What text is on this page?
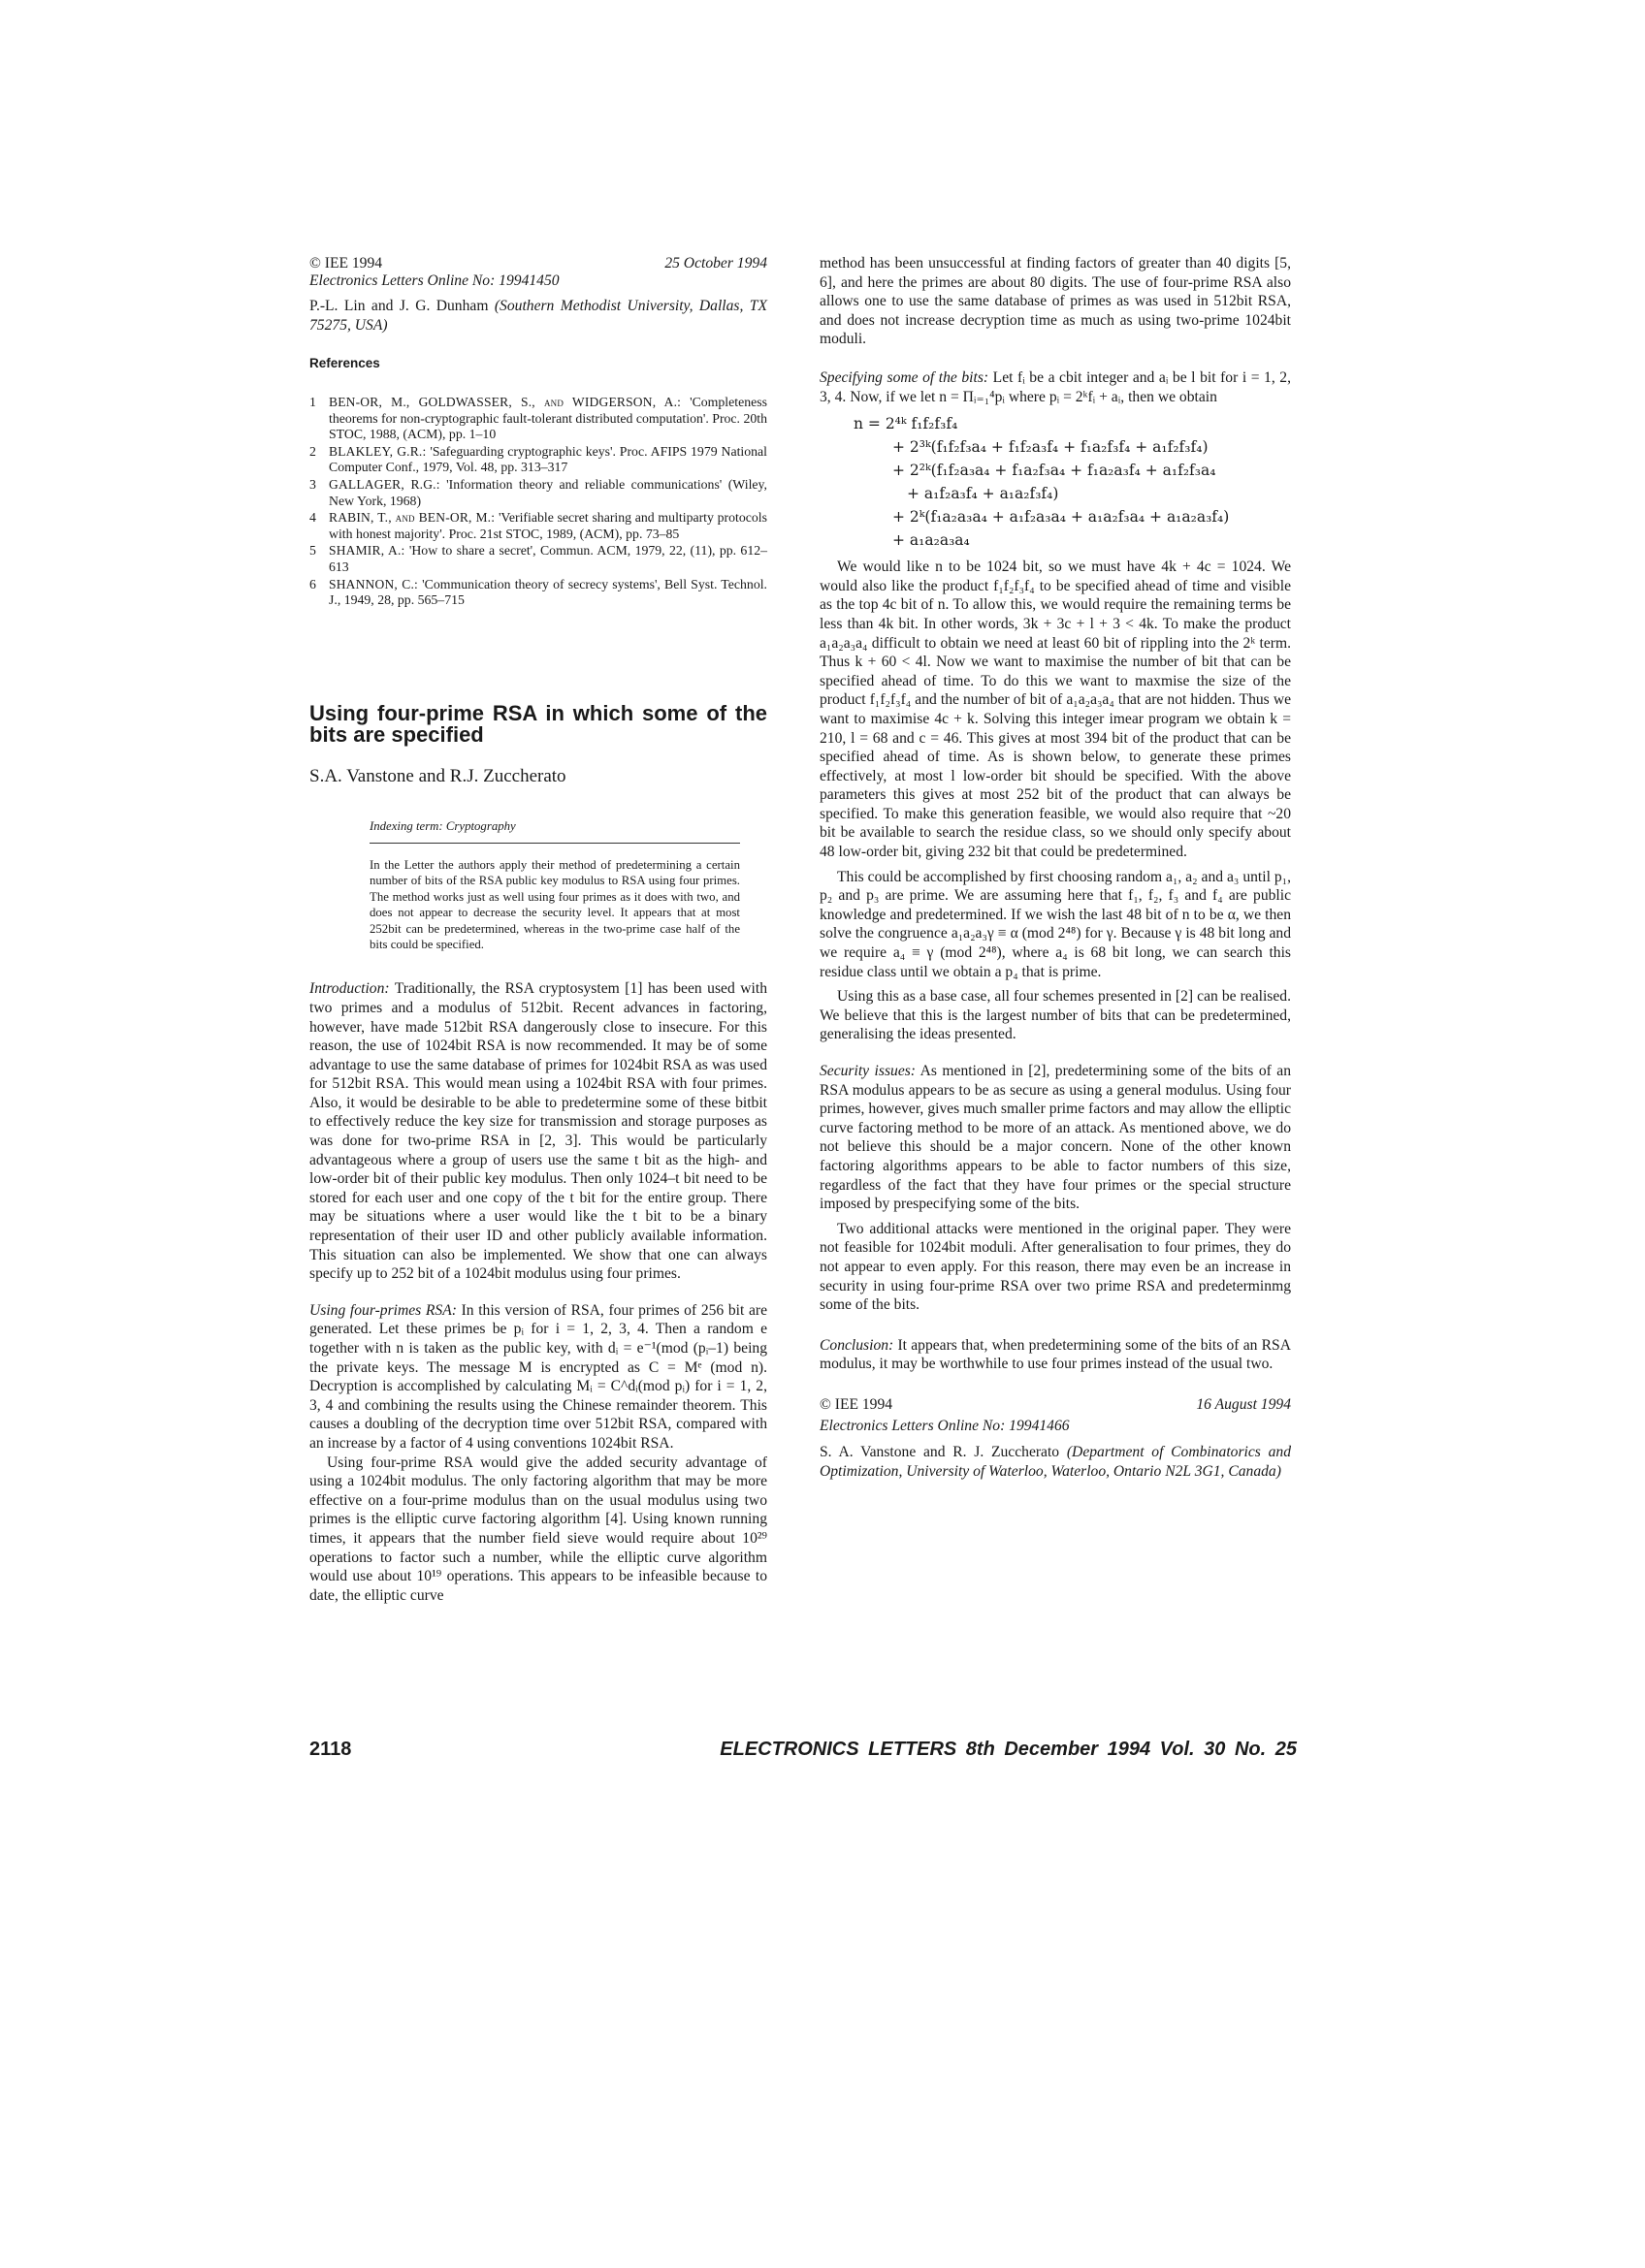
© IEE 1994	25 October 1994
Electronics Letters Online No: 19941450
P.-L. Lin and J. G. Dunham (Southern Methodist University, Dallas, TX 75275, USA)
References
1 BEN-OR, M., GOLDWASSER, S., and WIDGERSON, A.: 'Completeness theorems for non-cryptographic fault-tolerant distributed computation'. Proc. 20th STOC, 1988, (ACM), pp. 1–10
2 BLAKLEY, G.R.: 'Safeguarding cryptographic keys'. Proc. AFIPS 1979 National Computer Conf., 1979, Vol. 48, pp. 313–317
3 GALLAGER, R.G.: 'Information theory and reliable communications' (Wiley, New York, 1968)
4 RABIN, T., and BEN-OR, M.: 'Verifiable secret sharing and multiparty protocols with honest majority'. Proc. 21st STOC, 1989, (ACM), pp. 73–85
5 SHAMIR, A.: 'How to share a secret', Commun. ACM, 1979, 22, (11), pp. 612–613
6 SHANNON, C.: 'Communication theory of secrecy systems', Bell Syst. Technol. J., 1949, 28, pp. 565–715
Using four-prime RSA in which some of the bits are specified
S.A. Vanstone and R.J. Zuccherato
Indexing term: Cryptography
In the Letter the authors apply their method of predetermining a certain number of bits of the RSA public key modulus to RSA using four primes. The method works just as well using four primes as it does with two, and does not appear to decrease the security level. It appears that at most 252bit can be predetermined, whereas in the two-prime case half of the bits could be specified.
Introduction: Traditionally, the RSA cryptosystem [1] has been used with two primes and a modulus of 512bit. Recent advances in factoring, however, have made 512bit RSA dangerously close to insecure. For this reason, the use of 1024bit RSA is now recommended. It may be of some advantage to use the same database of primes for 1024bit RSA as was used for 512bit RSA. This would mean using a 1024bit RSA with four primes. Also, it would be desirable to be able to predetermine some of these bitbit to effectively reduce the key size for transmission and storage purposes as was done for two-prime RSA in [2, 3]. This would be particularly advantageous where a group of users use the same t bit as the high- and low-order bit of their public key modulus. Then only 1024–t bit need to be stored for each user and one copy of the t bit for the entire group. There may be situations where a user would like the t bit to be a binary representation of their user ID and other publicly available information. This situation can also be implemented. We show that one can always specify up to 252 bit of a 1024bit modulus using four primes.
Using four-primes RSA: In this version of RSA, four primes of 256 bit are generated. Let these primes be pᵢ for i = 1, 2, 3, 4. Then a random e together with n is taken as the public key, with dᵢ = e⁻¹(mod (pᵢ–1) being the private keys. The message M is encrypted as C = Mᵉ (mod n). Decryption is accomplished by calculating Mᵢ = C^dᵢ(mod pᵢ) for i = 1, 2, 3, 4 and combining the results using the Chinese remainder theorem. This causes a doubling of the decryption time over 512bit RSA, compared with an increase by a factor of 4 using conventions 1024bit RSA.
Using four-prime RSA would give the added security advantage of using a 1024bit modulus. The only factoring algorithm that may be more effective on a four-prime modulus than on the usual modulus using two primes is the elliptic curve factoring algorithm [4]. Using known running times, it appears that the number field sieve would require about 10²⁹ operations to factor such a number, while the elliptic curve algorithm would use about 10¹⁹ operations. This appears to be infeasible because to date, the elliptic curve
method has been unsuccessful at finding factors of greater than 40 digits [5, 6], and here the primes are about 80 digits. The use of four-prime RSA also allows one to use the same database of primes as was used in 512bit RSA, and does not increase decryption time as much as using two-prime 1024bit moduli.
Specifying some of the bits: Let fᵢ be a cbit integer and aᵢ be l bit for i = 1, 2, 3, 4. Now, if we let n = Πᵢ₌₁⁴pᵢ where pᵢ = 2ᵏfᵢ + aᵢ, then we obtain
n = 2⁴ᵏ f₁f₂f₃f₄
+ 2³ᵏ(f₁f₂f₃a₄ + f₁f₂a₃f₄ + f₁a₂f₃f₄ + a₁f₂f₃f₄)
+ 2²ᵏ(f₁f₂a₃a₄ + f₁a₂f₃a₄ + f₁a₂a₃f₄ + a₁f₂f₃a₄
+ a₁f₂a₃f₄ + a₁a₂f₃f₄)
+ 2ᵏ(f₁a₂a₃a₄ + a₁f₂a₃a₄ + a₁a₂f₃a₄ + a₁a₂a₃f₄)
+ a₁a₂a₃a₄
We would like n to be 1024 bit, so we must have 4k + 4c = 1024. We would also like the product f₁f₂f₃f₄ to be specified ahead of time and visible as the top 4c bit of n. To allow this, we would require the remaining terms be less than 4k bit. In other words, 3k + 3c + l + 3 < 4k. To make the product a₁a₂a₃a₄ difficult to obtain we need at least 60 bit of rippling into the 2ᵏ term. Thus k + 60 < 4l. Now we want to maximise the number of bit that can be specified ahead of time. To do this we want to maxmise the size of the product f₁f₂f₃f₄ and the number of bit of a₁a₂a₃a₄ that are not hidden. Thus we want to maximise 4c + k. Solving this integer imear program we obtain k = 210, l = 68 and c = 46. This gives at most 394 bit of the product that can be specified ahead of time. As is shown below, to generate these primes effectively, at most l low-order bit should be specified. With the above parameters this gives at most 252 bit of the product that can always be specified. To make this generation feasible, we would also require that ~20 bit be available to search the residue class, so we should only specify about 48 low-order bit, giving 232 bit that could be predetermined.
This could be accomplished by first choosing random a₁, a₂ and a₃ until p₁, p₂ and p₃ are prime. We are assuming here that f₁, f₂, f₃ and f₄ are public knowledge and predetermined. If we wish the last 48 bit of n to be α, we then solve the congruence a₁a₂a₃γ ≡ α (mod 2⁴⁸) for γ. Because γ is 48 bit long and we require a₄ ≡ γ (mod 2⁴⁸), where a₄ is 68 bit long, we can search this residue class until we obtain a p₄ that is prime.
Using this as a base case, all four schemes presented in [2] can be realised. We believe that this is the largest number of bits that can be predetermined, generalising the ideas presented.
Security issues: As mentioned in [2], predetermining some of the bits of an RSA modulus appears to be as secure as using a general modulus. Using four primes, however, gives much smaller prime factors and may allow the elliptic curve factoring method to be more of an attack. As mentioned above, we do not believe this should be a major concern. None of the other known factoring algorithms appears to be able to factor numbers of this size, regardless of the fact that they have four primes or the special structure imposed by prespecifying some of the bits.
Two additional attacks were mentioned in the original paper. They were not feasible for 1024bit moduli. After generalisation to four primes, they do not appear to even apply. For this reason, there may even be an increase in security in using four-prime RSA over two prime RSA and predeterminmg some of the bits.
Conclusion: It appears that, when predetermining some of the bits of an RSA modulus, it may be worthwhile to use four primes instead of the usual two.
© IEE 1994	16 August 1994
Electronics Letters Online No: 19941466
S. A. Vanstone and R. J. Zuccherato (Department of Combinatorics and Optimization, University of Waterloo, Waterloo, Ontario N2L 3G1, Canada)
2118	ELECTRONICS LETTERS 8th December 1994 Vol. 30 No. 25
